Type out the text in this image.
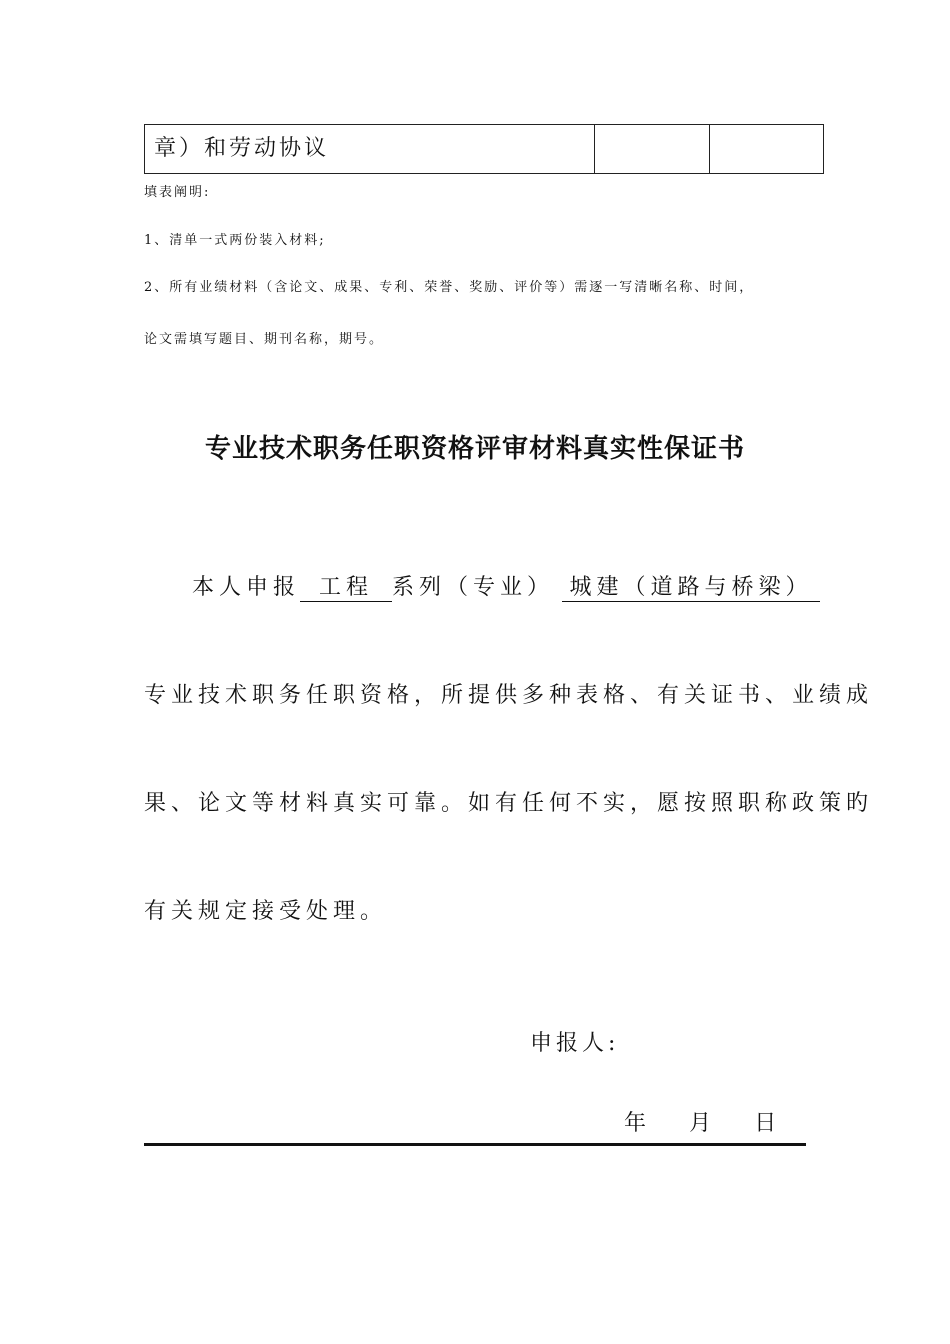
章）和劳动协议
填表阐明:
1、清单一式两份装入材料;
2、所有业绩材料（含论文、成果、专利、荣誉、奖励、评价等）需逐一写清晰名称、时间，
论文需填写题目、期刊名称，期号。
专业技术职务任职资格评审材料真实性保证书
本人申报 工程 系列（专业） 城建（道路与桥梁）
专业技术职务任职资格，所提供多种表格、有关证书、业绩成
果、论文等材料真实可靠。如有任何不实，愿按照职称政策旳
有关规定接受处理。
申报人:
年 月 日
